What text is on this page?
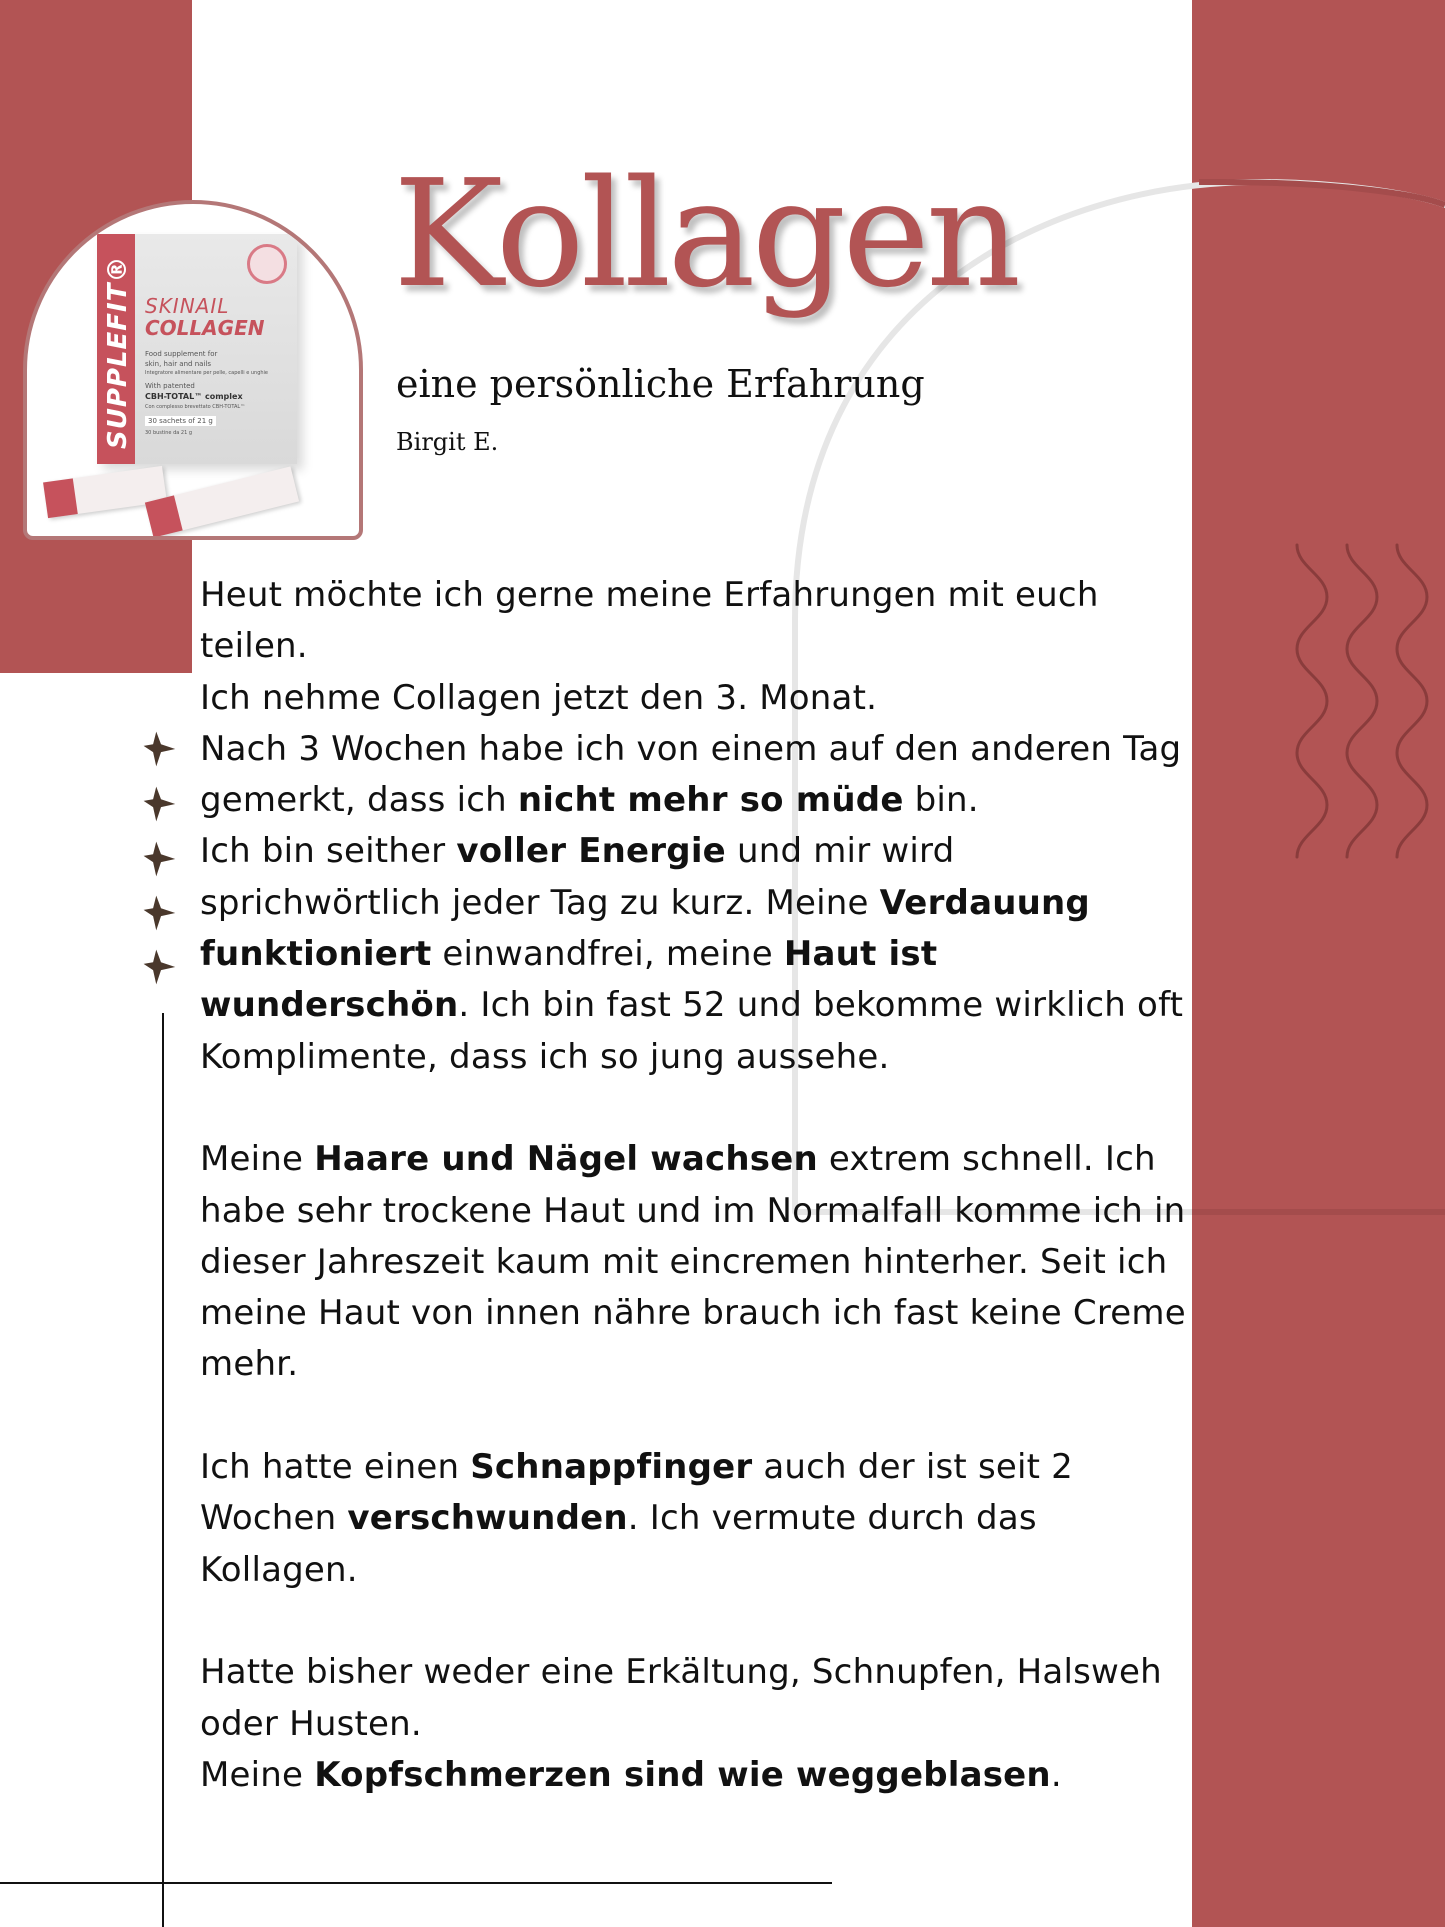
SUPPLEFIT® SKINAIL
COLLAGEN
Food supplement for
skin, hair and nails
Integratore alimentare per pelle, capelli e unghie
With patented
CBH-TOTAL™ complex
Con complesso brevettato CBH-TOTAL™
30 sachets of 21 g
30 bustine da 21 g
Kollagen
eine persönliche Erfahrung
Birgit E.

Heut möchte ich gerne meine Erfahrungen mit euch teilen.
Ich nehme Collagen jetzt den 3. Monat.
Nach 3 Wochen habe ich von einem auf den anderen Tag gemerkt, dass ich nicht mehr so müde bin.
Ich bin seither voller Energie und mir wird sprichwörtlich jeder Tag zu kurz. Meine Verdauung funktioniert einwandfrei, meine Haut ist wunderschön. Ich bin fast 52 und bekomme wirklich oft Komplimente, dass ich so jung aussehe.

Meine Haare und Nägel wachsen extrem schnell. Ich habe sehr trockene Haut und im Normalfall komme ich in dieser Jahreszeit kaum mit eincremen hinterher. Seit ich meine Haut von innen nähre brauch ich fast keine Creme mehr.

Ich hatte einen Schnappfinger auch der ist seit 2 Wochen verschwunden. Ich vermute durch das Kollagen.

Hatte bisher weder eine Erkältung, Schnupfen, Halsweh oder Husten.
Meine Kopfschmerzen sind wie weggeblasen.
